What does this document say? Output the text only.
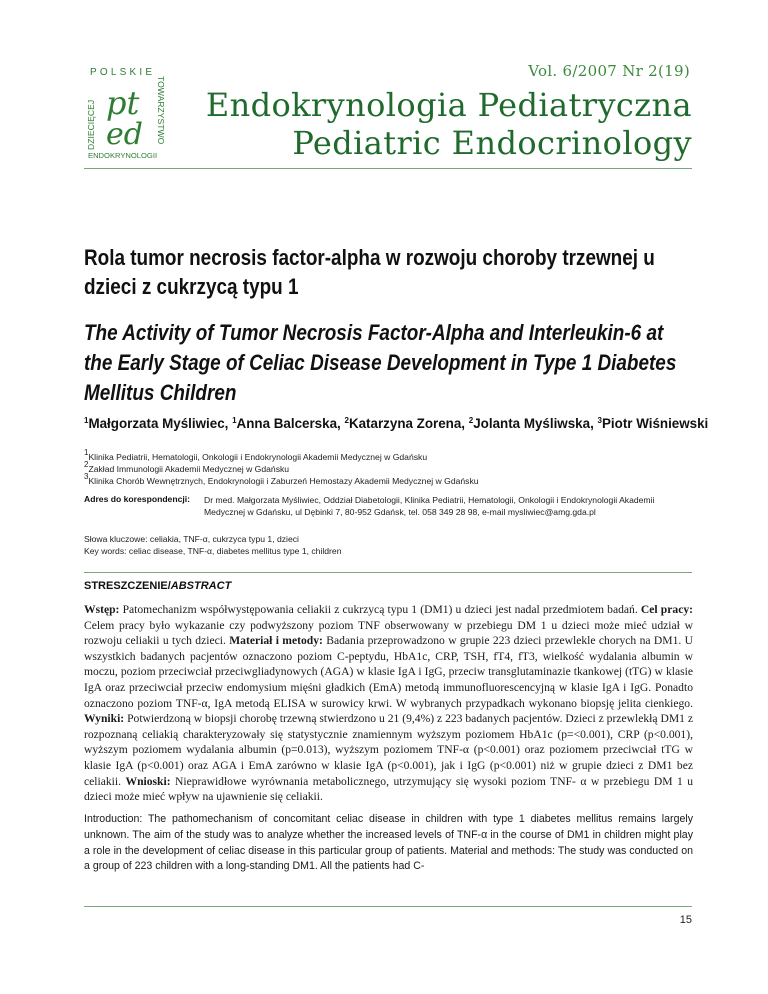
POLSKIE
DZIECIĘCEJ	TOWARZYSTWO
ENDOKRYNOLOGII
pt
ed
Vol. 6/2007 Nr 2(19)
Endokrynologia Pediatryczna
Pediatric Endocrinology
Rola tumor necrosis factor-alpha w rozwoju choroby trzewnej u dzieci z cukrzycą typu 1
The Activity of Tumor Necrosis Factor-Alpha and Interleukin-6 at the Early Stage of Celiac Disease Development in Type 1 Diabetes Mellitus Children
$^1$Małgorzata Myśliwiec, $^1$Anna Balcerska, $^2$Katarzyna Zorena, $^2$Jolanta Myśliwska, $^3$Piotr Wiśniewski
$^1$Klinika Pediatrii, Hematologii, Onkologii i Endokrynologii Akademii Medycznej w Gdańsku
$^2$Zakład Immunologii Akademii Medycznej w Gdańsku
$^3$Klinika Chorób Wewnętrznych, Endokrynologii i Zaburzeń Hemostazy Akademii Medycznej w Gdańsku
Adres do korespondencji: Dr med. Małgorzata Myśliwiec, Oddział Diabetologii, Klinika Pediatrii, Hematologii, Onkologii i Endokrynologii Akademii Medycznej w Gdańsku, ul Dębinki 7, 80-952 Gdańsk, tel. 058 349 28 98, e-mail mysliwiec@amg.gda.pl
Słowa kluczowe: celiakia, TNF-α, cukrzyca typu 1, dzieci
Key words: celiac disease, TNF-α, diabetes mellitus type 1, children
STRESZCZENIE/ABSTRACT
Wstęp: Patomechanizm współwystępowania celiakii z cukrzycą typu 1 (DM1) u dzieci jest nadal przedmiotem badań. Cel pracy: Celem pracy było wykazanie czy podwyższony poziom TNF obserwowany w przebiegu DM 1 u dzieci może mieć udział w rozwoju celiakii u tych dzieci. Materiał i metody: Badania przeprowadzono w grupie 223 dzieci przewlekle chorych na DM1. U wszystkich badanych pacjentów oznaczono poziom C-peptydu, HbA1c, CRP, TSH, fT4, fT3, wielkość wydalania albumin w moczu, poziom przeciwciał przeciwgliadynowych (AGA) w klasie IgA i IgG, przeciw transglutaminazie tkankowej (tTG) w klasie IgA oraz przeciwciał przeciw endomysium mięśni gładkich (EmA) metodą immunofluorescencyjną w klasie IgA i IgG. Ponadto oznaczono poziom TNF-α, IgA metodą ELISA w surowicy krwi. W wybranych przypadkach wykonano biopsję jelita cienkiego. Wyniki: Potwierdzoną w biopsji chorobę trzewną stwierdzono u 21 (9,4%) z 223 badanych pacjentów. Dzieci z przewlekłą DM1 z rozpoznaną celiakią charakteryzowały się statystycznie znamiennym wyższym poziomem HbA1c (p=<0.001), CRP (p<0.001), wyższym poziomem wydalania albumin (p=0.013), wyższym poziomem TNF-α (p<0.001) oraz poziomem przeciwciał tTG w klasie IgA (p<0.001) oraz AGA i EmA zarówno w klasie IgA (p<0.001), jak i IgG (p<0.001) niż w grupie dzieci z DM1 bez celiakii. Wnioski: Nieprawidłowe wyrównania metabolicznego, utrzymujący się wysoki poziom TNF- α w przebiegu DM 1 u dzieci może mieć wpływ na ujawnienie się celiakii.
Introduction: The pathomechanism of concomitant celiac disease in children with type 1 diabetes mellitus remains largely unknown. The aim of the study was to analyze whether the increased levels of TNF-α in the course of DM1 in children might play a role in the development of celiac disease in this particular group of patients. Material and methods: The study was conducted on a group of 223 children with a long-standing DM1. All the patients had C-
15
